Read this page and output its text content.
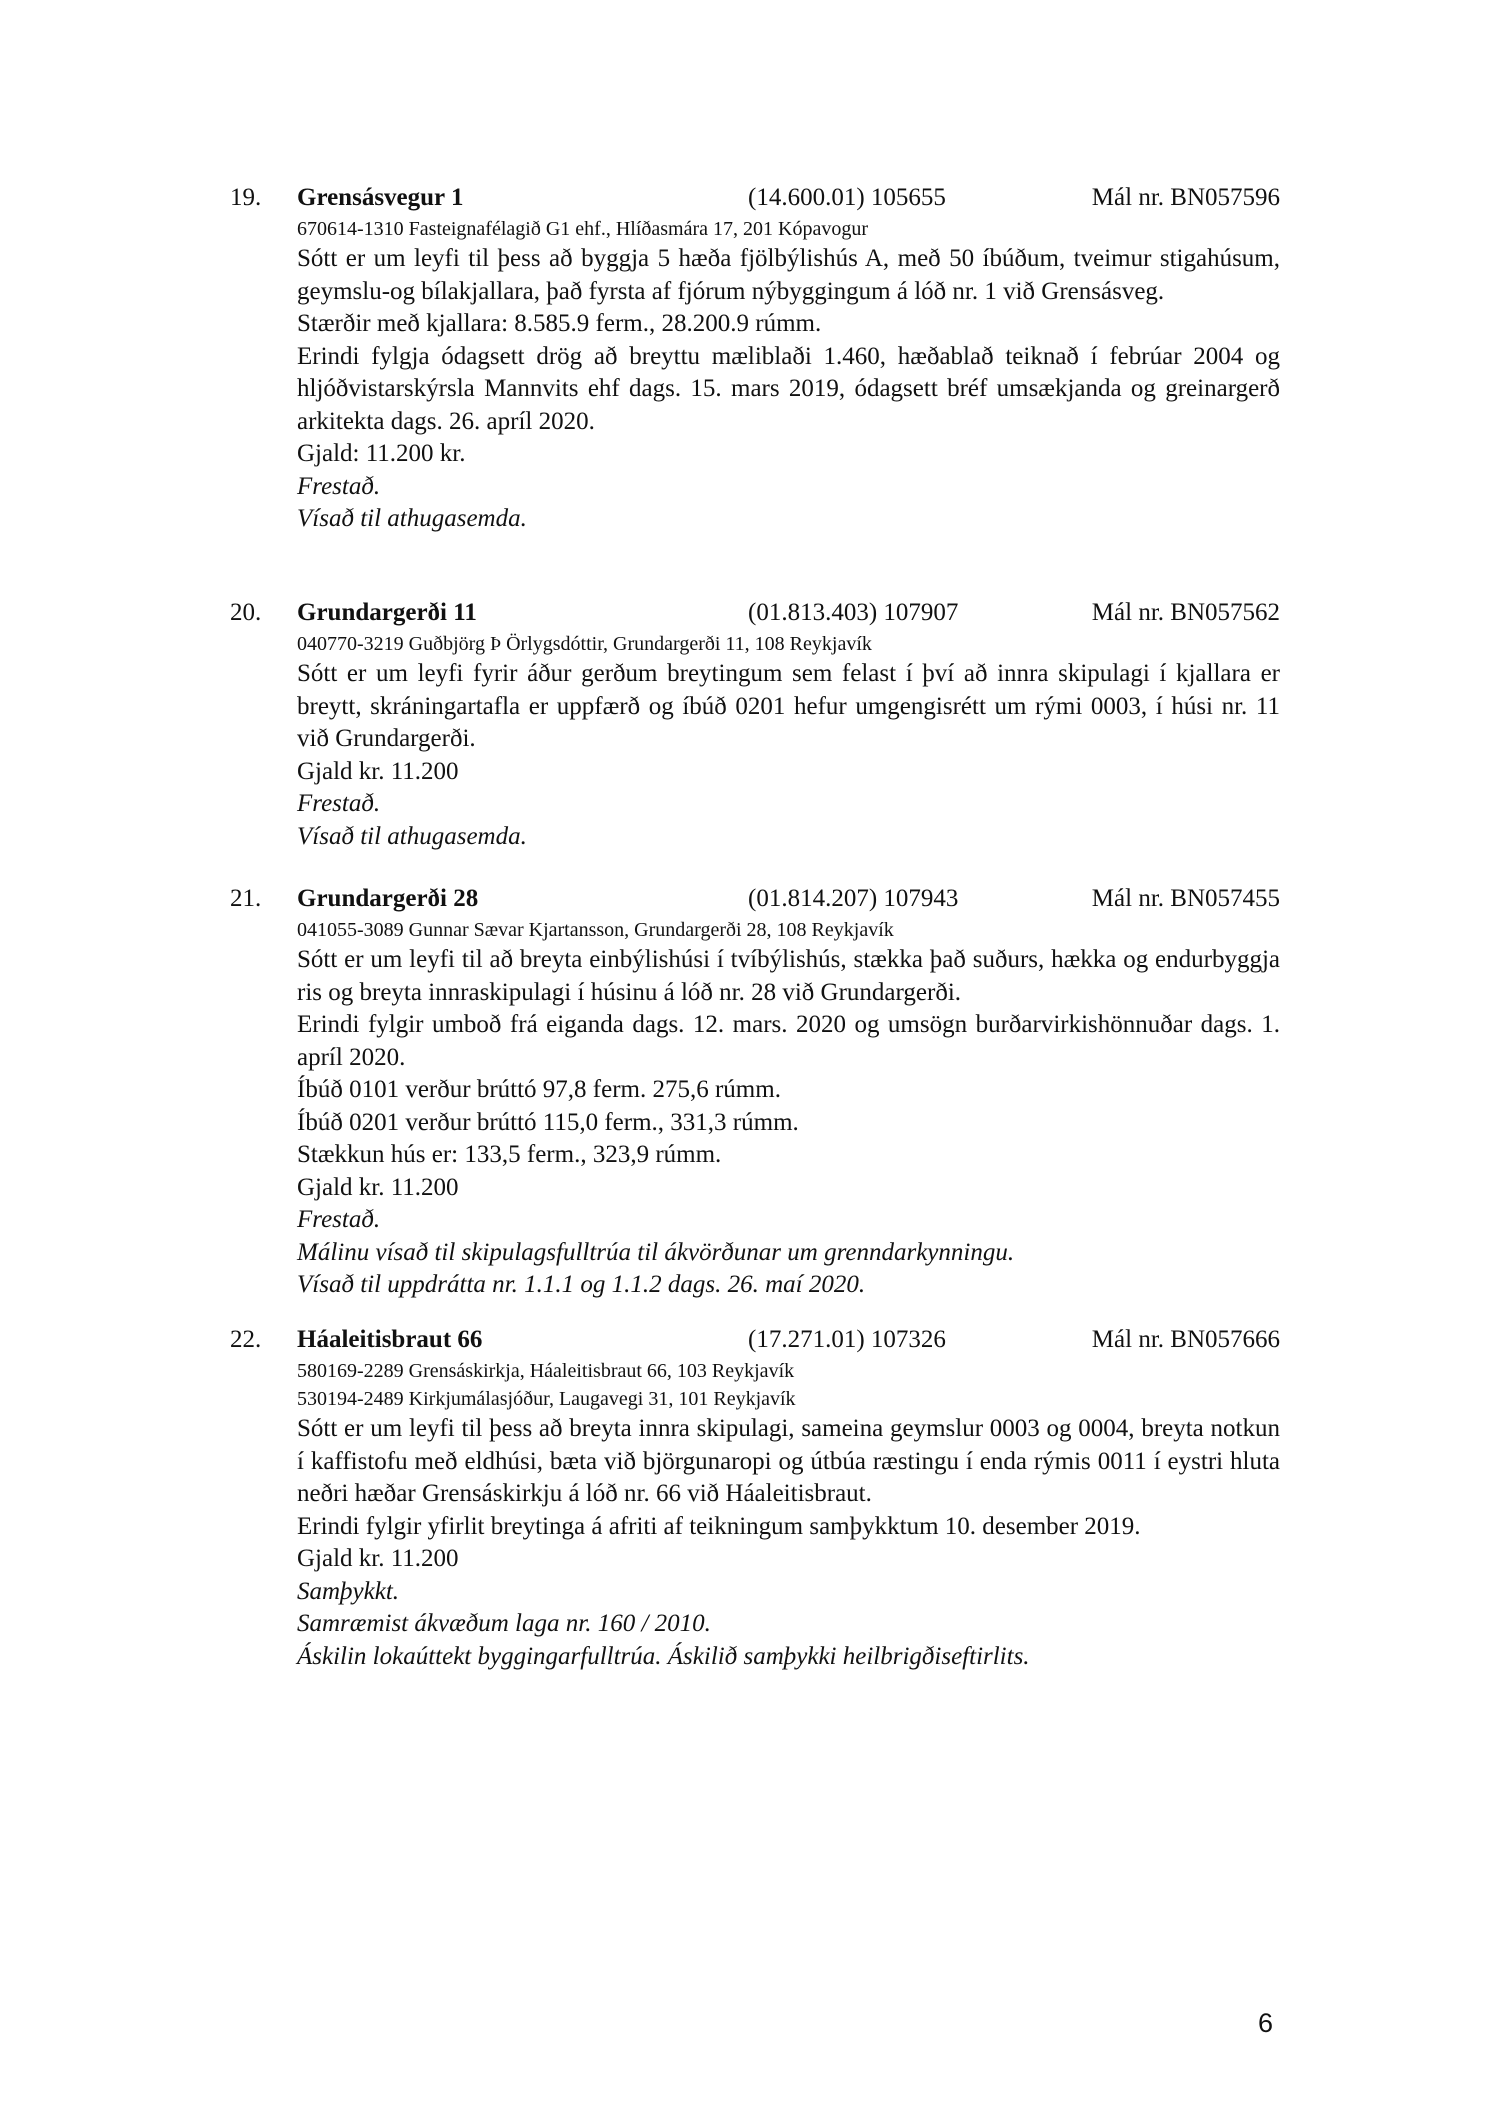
19. Grensásvegur 1	(14.600.01) 105655	Mál nr. BN057596
670614-1310 Fasteignafélagið G1 ehf., Hlíðasmára 17, 201 Kópavogur
Sótt er um leyfi til þess að byggja 5 hæða fjölbýlishús A, með 50 íbúðum, tveimur stigahúsum, geymslu-og bílakjallara, það fyrsta af fjórum nýbyggingum á lóð nr. 1 við Grensásveg.
Stærðir með kjallara: 8.585.9 ferm., 28.200.9 rúmm.
Erindi fylgja ódagsett drög að breyttu mæliblaði 1.460, hæðablað teiknað í febrúar 2004 og hljóðvistarskýrsla Mannvits ehf dags. 15. mars 2019, ódagsett bréf umsækjanda og greinargerð arkitekta dags. 26. apríl 2020.
Gjald: 11.200 kr.
Frestað.
Vísað til athugasemda.
20. Grundargerði 11	(01.813.403) 107907	Mál nr. BN057562
040770-3219 Guðbjörg Þ Örlygsdóttir, Grundargerði 11, 108 Reykjavík
Sótt er um leyfi fyrir áður gerðum breytingum sem felast í því að innra skipulagi í kjallara er breytt, skráningartafla er uppfærð og íbúð 0201 hefur umgengisrétt um rými 0003, í húsi nr. 11 við Grundargerði.
Gjald kr. 11.200
Frestað.
Vísað til athugasemda.
21. Grundargerði 28	(01.814.207) 107943	Mál nr. BN057455
041055-3089 Gunnar Sævar Kjartansson, Grundargerði 28, 108 Reykjavík
Sótt er um leyfi til að breyta einbýlishúsi í tvíbýlishús, stækka það suðurs, hækka og endurbyggja ris og breyta innraskipulagi í húsinu á lóð nr. 28 við Grundargerði.
Erindi fylgir umboð frá eiganda dags. 12. mars. 2020 og umsögn burðarvirkishönnuðar dags. 1. apríl 2020.
Íbúð 0101 verður brúttó 97,8 ferm. 275,6 rúmm.
Íbúð 0201 verður brúttó 115,0 ferm., 331,3 rúmm.
Stækkun hús er: 133,5 ferm., 323,9 rúmm.
Gjald kr. 11.200
Frestað.
Málinu vísað til skipulagsfulltrúa til ákvörðunar um grenndarkynningu.
Vísað til uppdrátta nr. 1.1.1 og 1.1.2 dags. 26. maí 2020.
22. Háaleitisbraut 66	(17.271.01) 107326	Mál nr. BN057666
580169-2289 Grensáskirkja, Háaleitisbraut 66, 103 Reykjavík
530194-2489 Kirkjumálasjóður, Laugavegi 31, 101 Reykjavík
Sótt er um leyfi til þess að breyta innra skipulagi, sameina geymslur 0003 og 0004, breyta notkun í kaffistofu með eldhúsi, bæta við björgunaropi og útbúa ræstingu í enda rýmis 0011 í eystri hluta neðri hæðar Grensáskirkju á lóð nr. 66 við Háaleitisbraut.
Erindi fylgir yfirlit breytinga á afriti af teikningum samþykktum 10. desember 2019.
Gjald kr. 11.200
Samþykkt.
Samræmist ákvæðum laga nr. 160 / 2010.
Áskilin lokaúttekt byggingarfulltrúa. Áskilið samþykki heilbrigðiseftirlits.
6
